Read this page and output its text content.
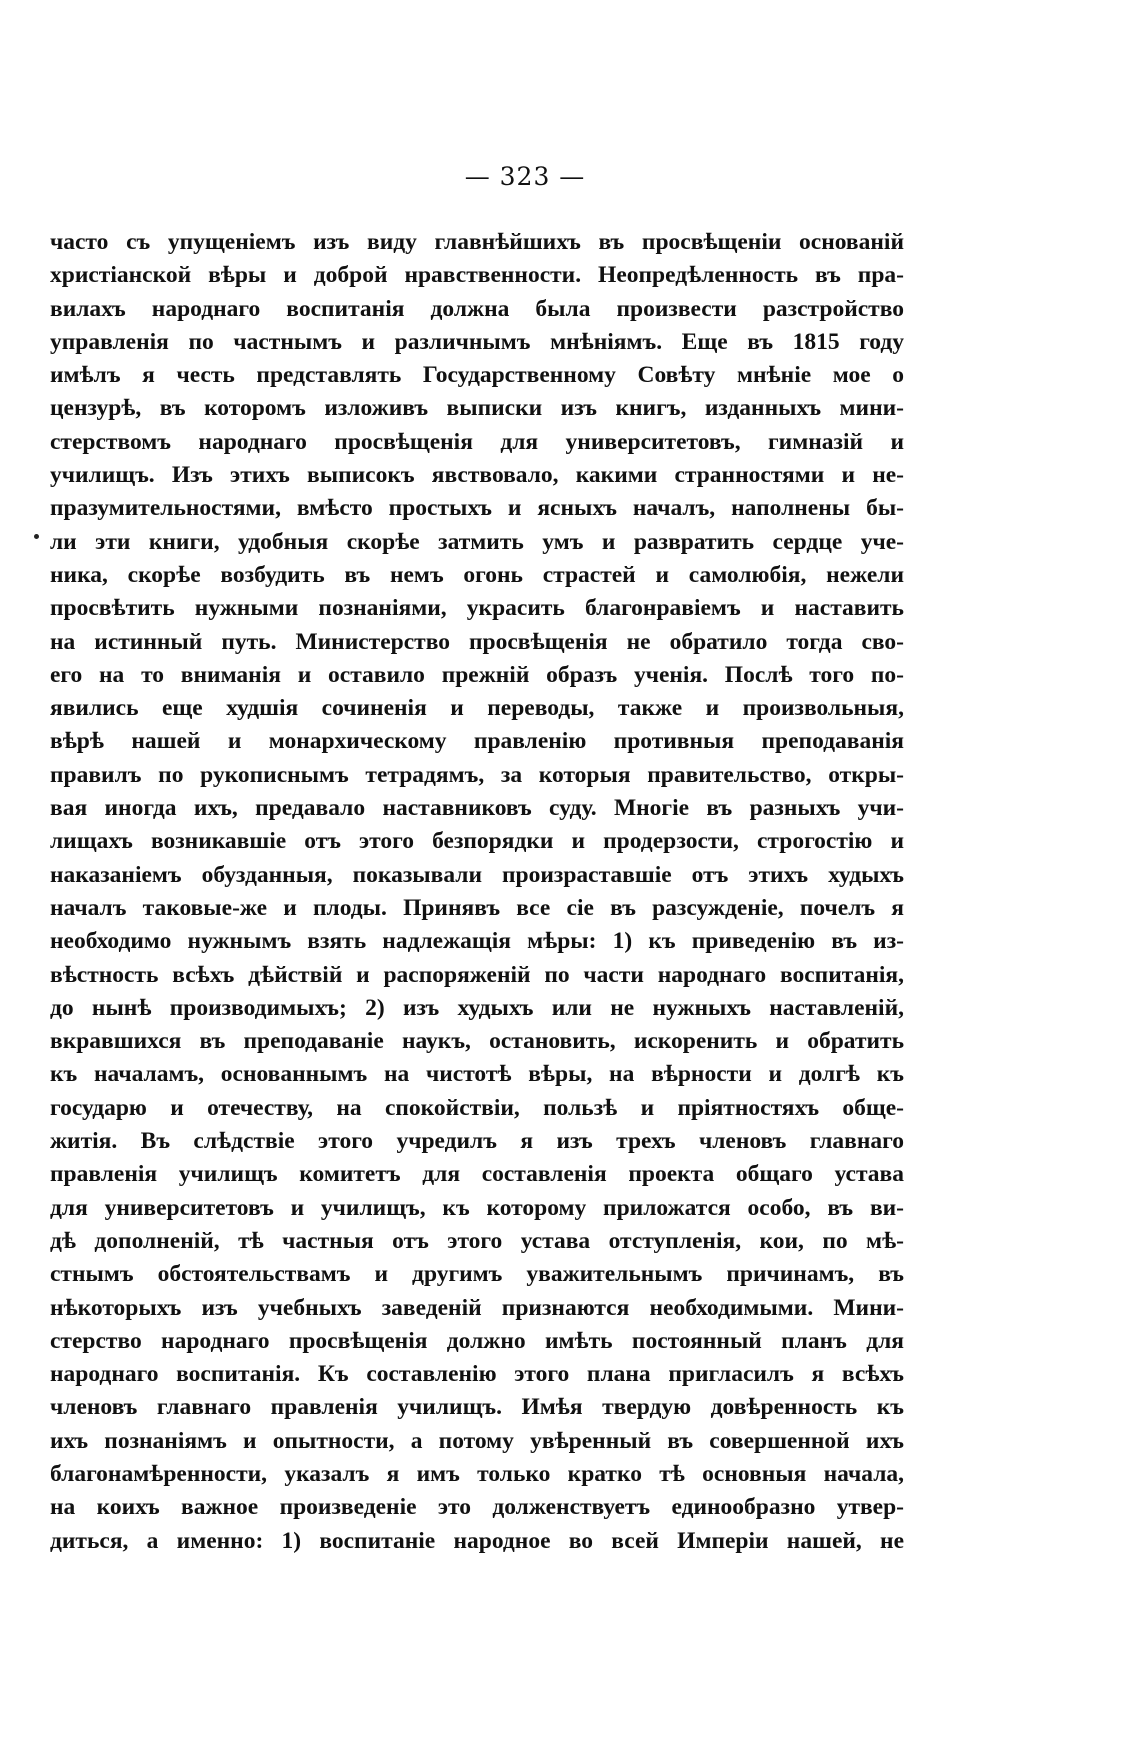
— 323 —
часто съ упущеніемъ изъ виду главнѣйшихъ въ просвѣщеніи основаній
христіанской вѣры и доброй нравственности. Неопредѣленность въ пра-
вилахъ народнаго воспитанія должна была произвести разстройство
управленія по частнымъ и различнымъ мнѣніямъ. Еще въ 1815 году
имѣлъ я честь представлять Государственному Совѣту мнѣніе мое о
цензурѣ, въ которомъ изложивъ выписки изъ книгъ, изданныхъ мини-
стерствомъ народнаго просвѣщенія для университетовъ, гимназій и
училищъ. Изъ этихъ выписокъ явствовало, какими странностями и не-
празумительностями, вмѣсто простыхъ и ясныхъ началъ, наполнены бы-
ли эти книги, удобныя скорѣе затмить умъ и развратить сердце уче-
ника, скорѣе возбудить въ немъ огонь страстей и самолюбія, нежели
просвѣтить нужными познаніями, украсить благонравіемъ и наставить
на истинный путь. Министерство просвѣщенія не обратило тогда сво-
его на то вниманія и оставило прежній образъ ученія. Послѣ того по-
явились еще худшія сочиненія и переводы, также и произвольныя,
вѣрѣ нашей и монархическому правленію противныя преподаванія
правилъ по рукописнымъ тетрадямъ, за которыя правительство, откры-
вая иногда ихъ, предавало наставниковъ суду. Многіе въ разныхъ учи-
лищахъ возникавшіе отъ этого безпорядки и продерзости, строгостію и
наказаніемъ обузданныя, показывали произраставшіе отъ этихъ худыхъ
началъ таковые-же и плоды. Принявъ все сіе въ разсужденіе, почелъ я
необходимо нужнымъ взять надлежащія мѣры: 1) къ приведенію въ из-
вѣстность всѣхъ дѣйствій и распоряженій по части народнаго воспитанія,
до нынѣ производимыхъ; 2) изъ худыхъ или не нужныхъ наставленій,
вкравшихся въ преподаваніе наукъ, остановить, искоренить и обратить
къ началамъ, основаннымъ на чистотѣ вѣры, на вѣрности и долгѣ къ
государю и отечеству, на спокойствіи, пользѣ и пріятностяхъ обще-
житія. Въ слѣдствіе этого учредилъ я изъ трехъ членовъ главнаго
правленія училищъ комитетъ для составленія проекта общаго устава
для университетовъ и училищъ, къ которому приложатся особо, въ ви-
дѣ дополненій, тѣ частныя отъ этого устава отступленія, кои, по мѣ-
стнымъ обстоятельствамъ и другимъ уважительнымъ причинамъ, въ
нѣкоторыхъ изъ учебныхъ заведеній признаются необходимыми. Мини-
стерство народнаго просвѣщенія должно имѣть постоянный планъ для
народнаго воспитанія. Къ составленію этого плана пригласилъ я всѣхъ
членовъ главнаго правленія училищъ. Имѣя твердую довѣренность къ
ихъ познаніямъ и опытности, а потому увѣренный въ совершенной ихъ
благонамѣренности, указалъ я имъ только кратко тѣ основныя начала,
на коихъ важное произведеніе это долженствуетъ единообразно утвер-
диться, а именно: 1) воспитаніе народное во всей Имперіи нашей, не
